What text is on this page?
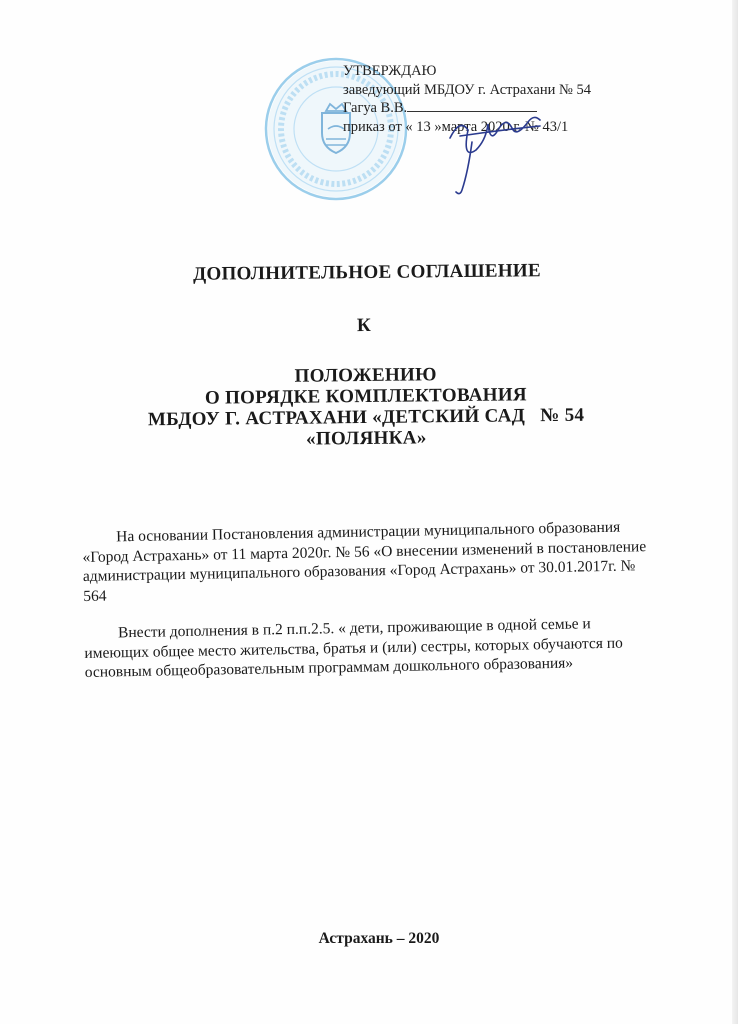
УТВЕРЖДАЮ
заведующий МБДОУ г. Астрахани № 54
Гагуа В.В.
приказ от « 13 »марта 2020 г. № 43/1
ДОПОЛНИТЕЛЬНОЕ СОГЛАШЕНИЕ
К
ПОЛОЖЕНИЮ
О ПОРЯДКЕ КОМПЛЕКТОВАНИЯ
МБДОУ Г. АСТРАХАНИ «ДЕТСКИЙ САД   № 54
«ПОЛЯНКА»

На основании Постановления администрации муниципального образования «Город Астрахань» от 11 марта 2020г. № 56 «О внесении изменений в постановление администрации муниципального образования «Город Астрахань» от 30.01.2017г. № 564

Внести дополнения в п.2 п.п.2.5. « дети, проживающие в одной семье и имеющих общее место жительства, братья и (или) сестры, которых обучаются по основным общеобразовательным программам дошкольного образования»

Астрахань – 2020
